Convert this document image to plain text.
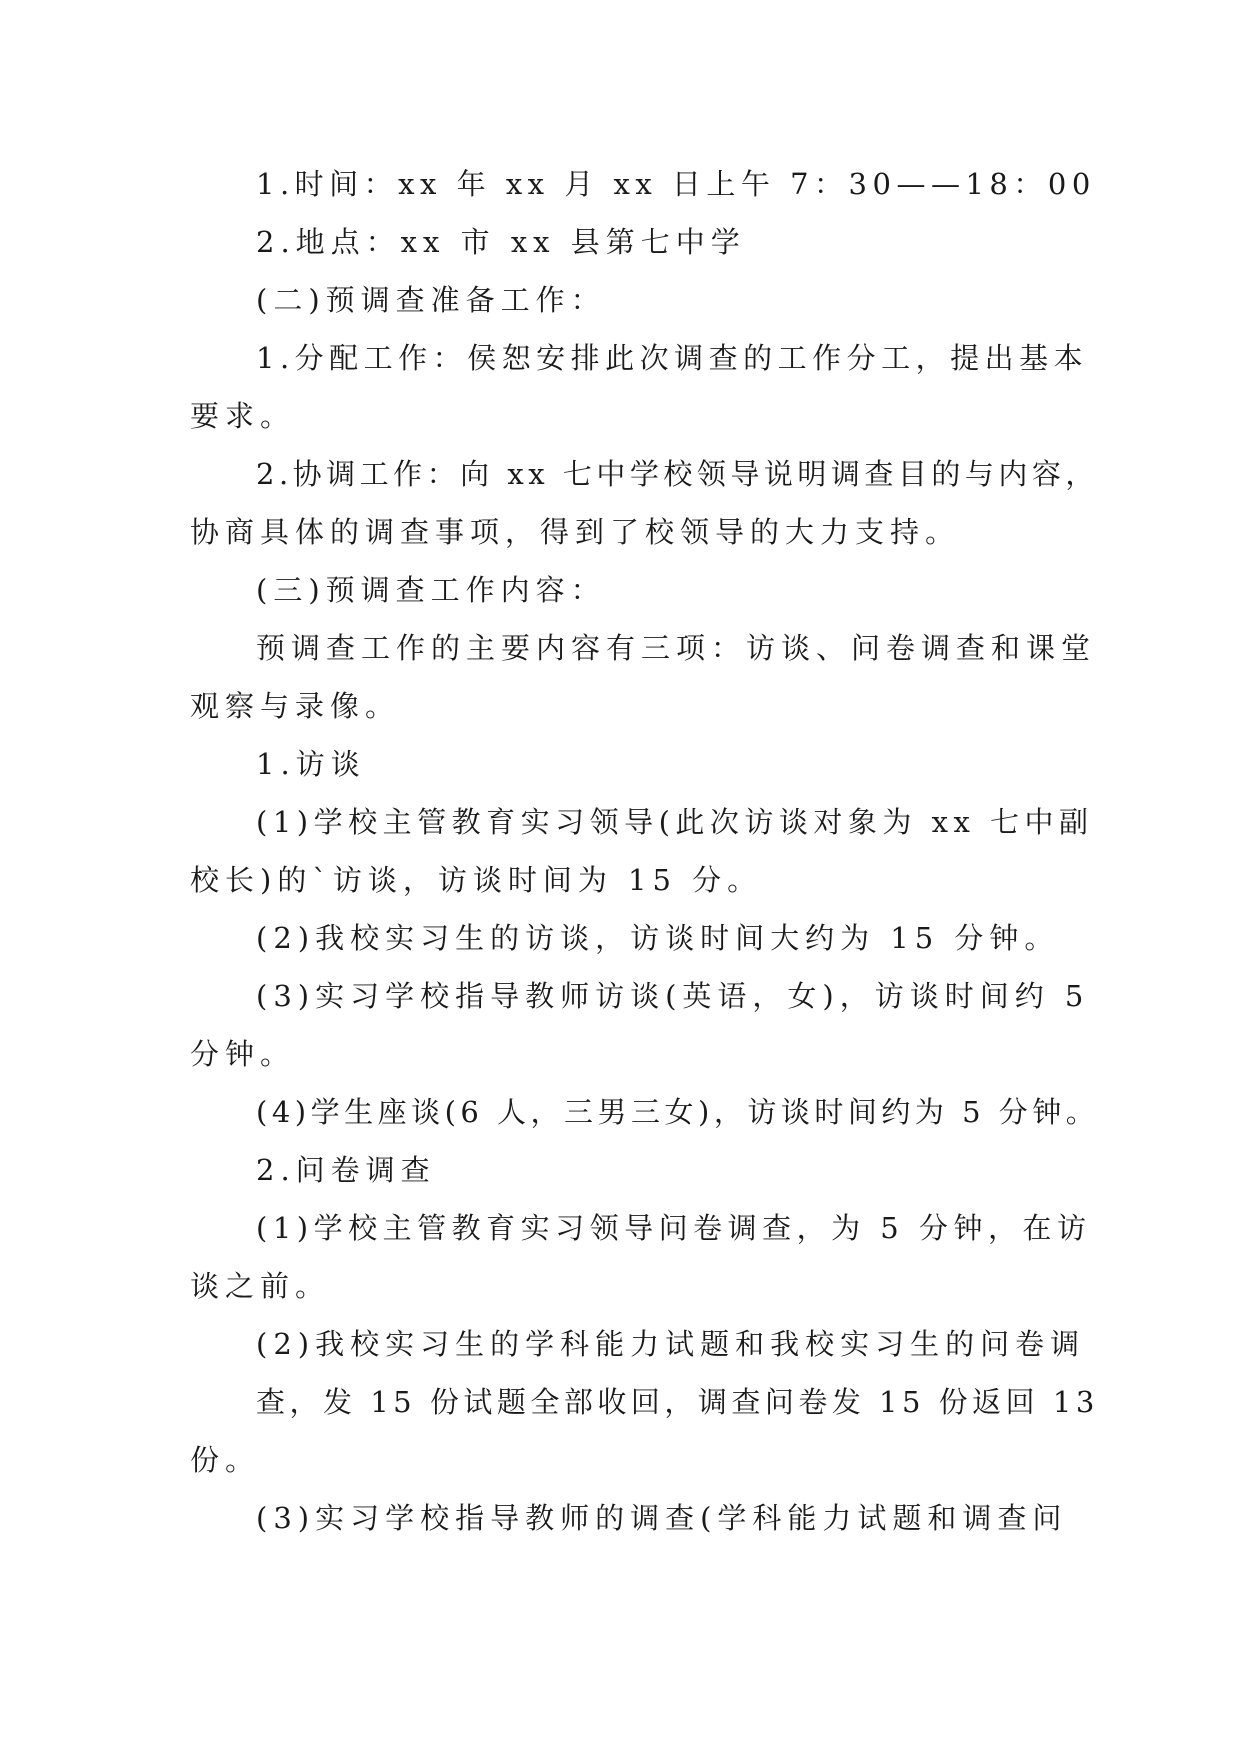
1.时间：xx 年 xx 月 xx 日上午 7：30——18：00
2.地点：xx 市 xx 县第七中学
(二)预调查准备工作：
1.分配工作：侯恕安排此次调查的工作分工，提出基本
要求。
2.协调工作：向 xx 七中学校领导说明调查目的与内容，
协商具体的调查事项，得到了校领导的大力支持。
(三)预调查工作内容：
预调查工作的主要内容有三项：访谈、问卷调查和课堂
观察与录像。
1.访谈
(1)学校主管教育实习领导(此次访谈对象为 xx 七中副
校长)的`访谈，访谈时间为 15 分。
(2)我校实习生的访谈，访谈时间大约为 15 分钟。
(3)实习学校指导教师访谈(英语，女)，访谈时间约 5
分钟。
(4)学生座谈(6 人，三男三女)，访谈时间约为 5 分钟。
2.问卷调查
(1)学校主管教育实习领导问卷调查，为 5 分钟，在访
谈之前。
(2)我校实习生的学科能力试题和我校实习生的问卷调
查，发 15 份试题全部收回，调查问卷发 15 份返回 13
份。
(3)实习学校指导教师的调查(学科能力试题和调查问
